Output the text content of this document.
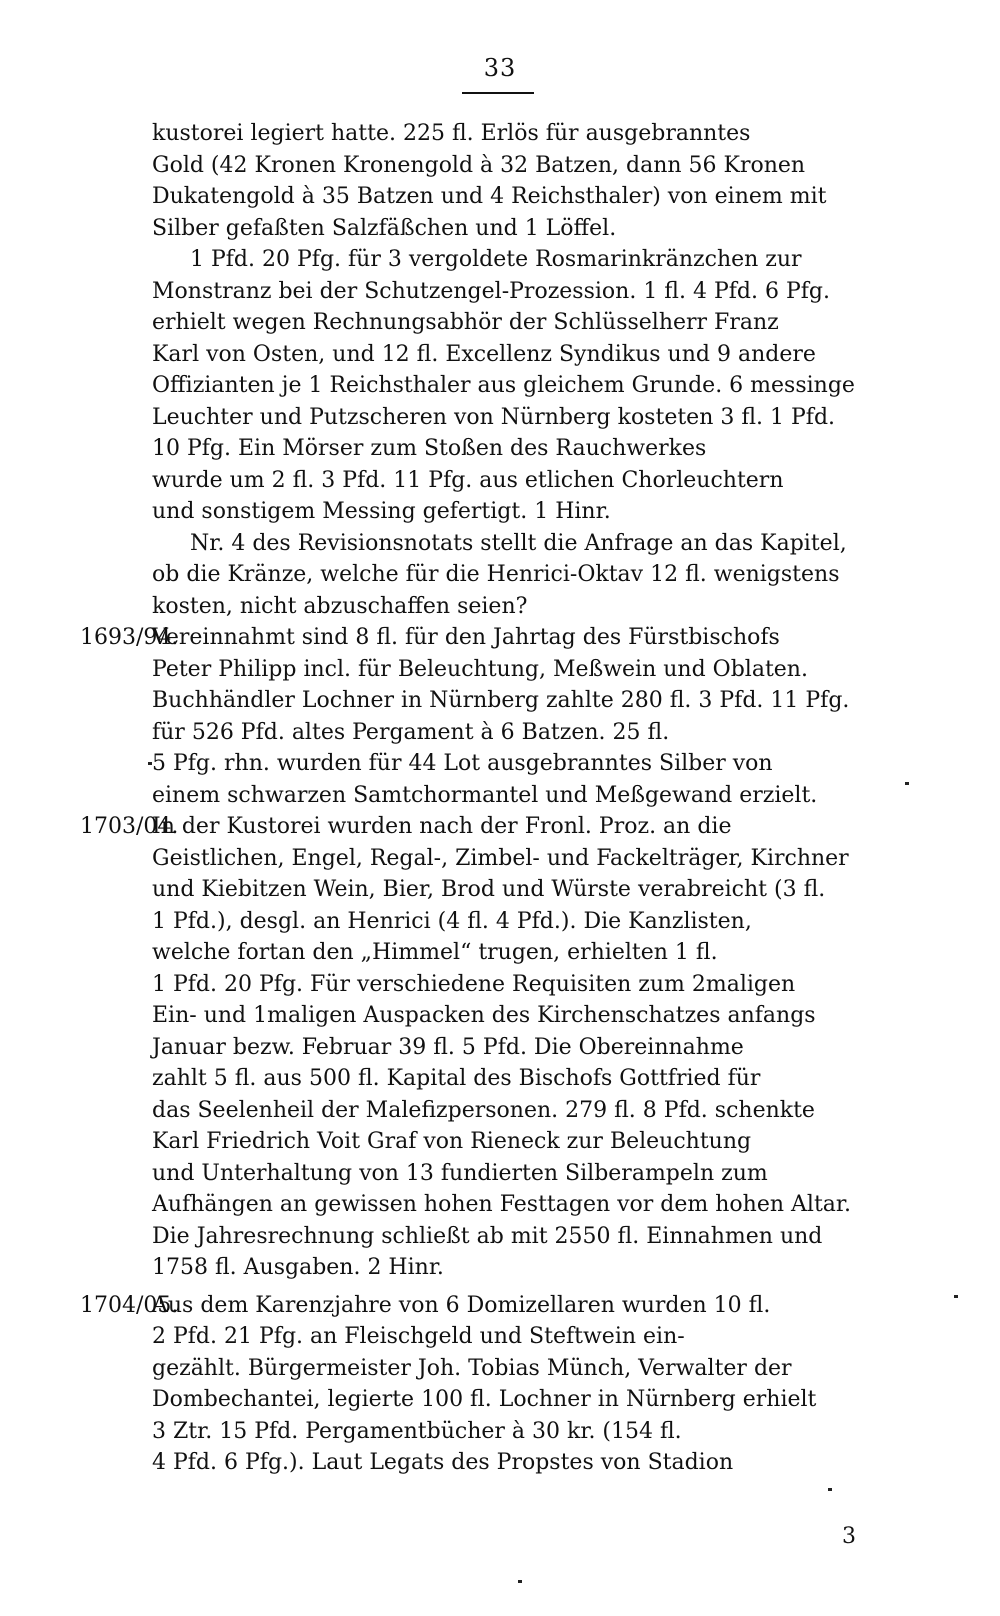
33
kustorei legiert hatte. 225 fl. Erlös für ausgebranntes
Gold (42 Kronen Kronengold à 32 Batzen, dann 56 Kronen
Dukatengold à 35 Batzen und 4 Reichsthaler) von einem mit
Silber gefaßten Salzfäßchen und 1 Löffel.
1 Pfd. 20 Pfg. für 3 vergoldete Rosmarinkränzchen zur
Monstranz bei der Schutzengel-Prozession. 1 fl. 4 Pfd. 6 Pfg.
erhielt wegen Rechnungsabhör der Schlüsselherr Franz
Karl von Osten, und 12 fl. Excellenz Syndikus und 9 andere
Offizianten je 1 Reichsthaler aus gleichem Grunde. 6 messinge
Leuchter und Putzscheren von Nürnberg kosteten 3 fl. 1 Pfd.
10 Pfg. Ein Mörser zum Stoßen des Rauchwerkes
wurde um 2 fl. 3 Pfd. 11 Pfg. aus etlichen Chorleuchtern
und sonstigem Messing gefertigt. 1 Hinr.
Nr. 4 des Revisionsnotats stellt die Anfrage an das Kapitel,
ob die Kränze, welche für die Henrici-Oktav 12 fl. wenigstens
kosten, nicht abzuschaffen seien?
1693/94.
Vereinnahmt sind 8 fl. für den Jahrtag des Fürstbischofs
Peter Philipp incl. für Beleuchtung, Meßwein und Oblaten.
Buchhändler Lochner in Nürnberg zahlte 280 fl. 3 Pfd. 11 Pfg.
für 526 Pfd. altes Pergament à 6 Batzen. 25 fl.
5 Pfg. rhn. wurden für 44 Lot ausgebranntes Silber von
einem schwarzen Samtchormantel und Meßgewand erzielt.
1703/04.
In der Kustorei wurden nach der Fronl. Proz. an die
Geistlichen, Engel, Regal-, Zimbel- und Fackelträger, Kirchner
und Kiebitzen Wein, Bier, Brod und Würste verabreicht (3 fl.
1 Pfd.), desgl. an Henrici (4 fl. 4 Pfd.). Die Kanzlisten,
welche fortan den „Himmel“ trugen, erhielten 1 fl.
1 Pfd. 20 Pfg. Für verschiedene Requisiten zum 2maligen
Ein- und 1maligen Auspacken des Kirchenschatzes anfangs
Januar bezw. Februar 39 fl. 5 Pfd. Die Obereinnahme
zahlt 5 fl. aus 500 fl. Kapital des Bischofs Gottfried für
das Seelenheil der Malefizpersonen. 279 fl. 8 Pfd. schenkte
Karl Friedrich Voit Graf von Rieneck zur Beleuchtung
und Unterhaltung von 13 fundierten Silberampeln zum
Aufhängen an gewissen hohen Festtagen vor dem hohen Altar.
Die Jahresrechnung schließt ab mit 2550 fl. Einnahmen und
1758 fl. Ausgaben. 2 Hinr.
1704/05.
Aus dem Karenzjahre von 6 Domizellaren wurden 10 fl.
2 Pfd. 21 Pfg. an Fleischgeld und Steftwein ein-
gezählt. Bürgermeister Joh. Tobias Münch, Verwalter der
Dombechantei, legierte 100 fl. Lochner in Nürnberg erhielt
3 Ztr. 15 Pfd. Pergamentbücher à 30 kr. (154 fl.
4 Pfd. 6 Pfg.). Laut Legats des Propstes von Stadion
3
